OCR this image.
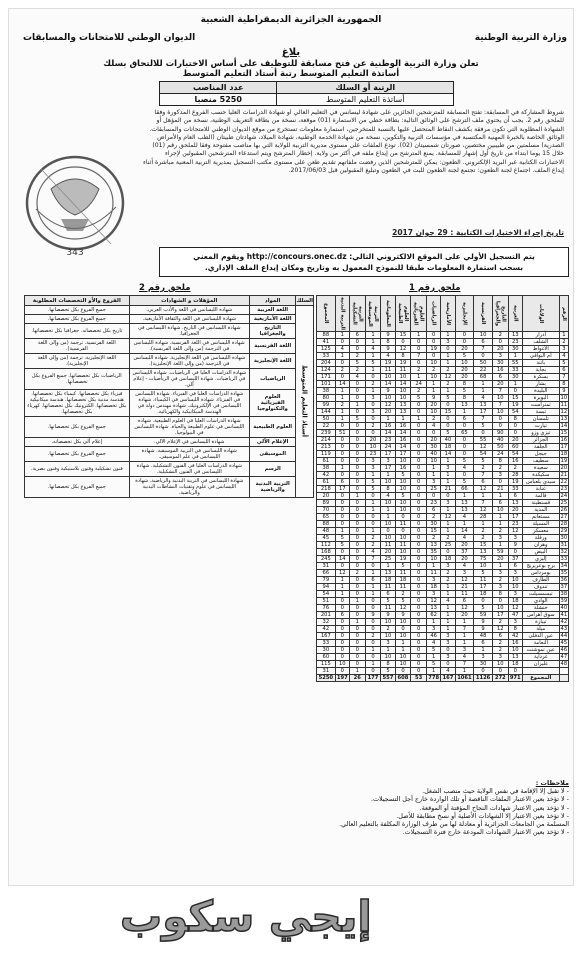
الجمهورية الجزائرية الديمقراطية الشعبية
وزارة التربية الوطنية
الديوان الوطني للامتحانات والمسابقات
بلاغ
تعلن وزارة التربية الوطنية عن فتح مسابقة للتوظيف على أساس الاختبارات للالتحاق بسلك
أساتذة التعليم المتوسط رتبة أستاذ التعليم المتوسط
الرتبة أو السلك	عدد المناصب
أساتذة التعليم المتوسط	5250 منصبا
شروط المشاركة في المسابقة: تفتح المسابقة للمترشحين الحائزين على شهادة ليسانس في التعليم العالي أو شهادة الدراسات العليا حسب الفروع المذكورة وفقا للملحق رقم 2. يجب أن يحتوي ملف الترشح على الوثائق التالية: بطاقة خطي من الاستمارة (01) موقعة، نسخة من بطاقة التعريف الوطنية، نسخة من المؤهل أو الشهادة المطلوبة التي تكون مرفقة بكشف النقاط المتحصل عليها بالنسبة للمتخرجين، استمارة معلومات تستخرج من موقع الديوان الوطني للامتحانات والمسابقات. الوثائق الخاصة بالخبرة المهنية المكتسبة في مؤسسات التربية والتكوين، نسخة من شهادة الخدمة الوطنية، شهادة الميلاد، شهادتان طبيتان (الطب العام والأمراض الصدرية) مسلمتين من طبيبين مختصين، صورتان شمسيتان (02). تودع الملفات على مستوى مديرية التربية للولاية التي بها مناصب مفتوحة وفقا للملحق رقم (01) خلال 15 يوما ابتداء من تاريخ أول إشهار للمسابقة. يمنع المترشح من إيداع ملفه في أكثر من ولاية. إخطار المترشح ويتم استدعاء المترشحين المقبولين لإجراء الاختبارات الكتابية عبر البريد الإلكتروني. الطعون: يمكن للمترشحين الذين رفضت ملفاتهم تقديم طعن على مستوى مكتب التسجيل بمديرية التربية المعنية مباشرة أثناء إيداع الملف. اجتماع لجنة الطعون: تجتمع لجنة الطعون للبت في الطعون وتبليغ المقبولين قبل 2017/06/03.
تاريخ إجراء الاختبارات الكتابية : 29 جوان 2017
343	يتم التسجيل الأولي على الموقع الالكتروني التالي: http://concours.onec.dz ويقوم المعني
بسحب استمارة المعلومات طبقا للنموذج المعمول به وتاريخ ومكان إيداع الملف الإداري.
ملحق رقم 1
ملحق رقم 2
المجموع	التربية البدنية	التربية التشكيلية	التربية الموسيقية	المعلوماتية	العلوم الطبيعية	العلوم الفيزيائية	الرياضيات	الأمازيغية	الإنجليزية	الفرنسية	التاريخ والجغرافيا	العربية	الولايات	الرقم
88	1	6	1	9	15	1	0	1	0	10	2	13	أدرار	1
41	0	0	1	8	0	0	0	3	0	6	0	23	الشلف	2
125	4	0	4	9	12	0	19	0	20	7	20	30	الأغواط	3
33	1	2	1	4	8	7	0	1	5	0	3	1	أم البواقي	4
204	0	5	5	19	19	0	10	1	10	50	30	55	باتنة	5
124	2	2	1	11	11	2	2	2	20	22	16	33	بجاية	6
171	0	4	0	10	10	1	10	12	20	68	6	30	بسكرة	7
101	14	0	2	14	14	24	1	2	8	1	20	1	بشار	8
38	1	0	1	9	10	2	1	1	5	1	7	0	البليدة	9
80	1	0	3	10	10	5	9	5	8	4	10	15	البويرة	10
99	2	1	0	12	13	0	20	0	13	13	7	19	تمنراست	11
144	1	0	3	20	13	0	10	15	1	17	10	54	تبسة	12
50	1	5	0	1	1	1	2	0	6	7	0	8	تلمسان	13
22	0	0	2	16	16	0	4	0	0	5	0	0	تيارت	14
239	51	0	0	14	14	0	0	5	65	0	90	0	تيزي وزو	15
214	0	0	20	23	16	0	20	40	0	55	40	20	الجزائر	16
213	0	0	10	24	14	0	30	18	0	12	50	60	الجلفة	17
119	0	0	23	17	17	0	40	14	0	54	24	54	جيجل	18
61	0	0	3	3	10	0	10	1	5	5	8	16	سطيف	19
38	1	0	3	17	16	0	1	3	4	2	2	2	سعيدة	20
42	0	0	1	1	5	0	1	1	0	7	3	28	سكيكدة	21
61	6	0	5	10	10	0	3	1	5	6	0	19	سيدي بلعباس	22
218	17	0	5	8	10	0	25	21	66	12	21	33	عنابة	23
20	0	1	0	4	5	0	0	0	1	1	1	6	قالمة	24
89	0	0	1	10	10	0	23	3	13	7	6	13	قسنطينة	25
70	0	0	1	1	10	0	6	1	13	12	10	20	المدية	26
65	0	0	0	1	0	0	2	12	4	28	1	17	مستغانم	27
88	0	0	0	10	11	0	30	1	1	1	1	23	المسيلة	28
48	1	0	1	0	0	0	15	1	14	2	2	12	معسكر	29
45	5	0	2	10	10	0	2	2	4	2	3	3	ورقلة	30
112	5	0	2	11	11	0	13	25	20	15	1	9	وهران	31
168	0	0	4	20	10	0	35	0	37	13	59	0	البيض	32
245	14	0	7	25	19	0	10	18	20	75	20	37	إليزي	33
31	0	0	0	1	5	0	1	3	4	10	1	6	برج بوعريريج	34
66	12	2	1	13	11	0	11	2	3	5	3	3	بومرداس	35
79	1	0	6	18	18	0	3	2	12	11	2	10	الطارف	36
94	1	0	1	11	11	0	18	1	21	17	3	10	تندوف	37
54	1	0	1	6	2	0	3	1	11	18	8	3	تيسمسيلت	38
51	0	1	0	5	5	0	12	4	6	0	0	18	الوادي	39
76	0	0	0	11	12	0	13	1	12	5	10	12	خنشلة	40
201	6	0	9	9	9	0	62	1	20	59	17	47	سوق أهراس	41
32	0	1	0	10	10	0	1	1	1	9	2	3	تيبازة	42
42	0	0	0	2	0	0	3	1	7	9	12	8	ميلة	43
167	0	0	2	10	10	0	46	3	1	48	6	42	عين الدفلى	44
33	0	0	0	3	1	0	4	3	1	6	2	16	النعامة	45
30	0	0	1	1	1	0	5	0	3	1	2	10	عين تموشنت	46
60	0	0	0	10	10	0	1	3	4	3	3	13	غرداية	47
115	10	0	1	8	10	0	5	0	7	30	10	18	غليزان	48
31	0	1	0	5	0	0	1	4	1	0	0	0		
5250	197	26	177	557	608	53	778	167	1061	1126	272	971	المجموع	
السلك	المواد	المؤهلات و الشهادات	الفروع والأو التخصصات المطلوبة
أستاذ التعليم المتوسط	اللغة العربية	شهادة الليسانس في اللغة والأدب العربي.	جميع الفروع بكل تخصصاتها.
	اللغة الأمازيغية	شهادة الليسانس في اللغة والثقافة الأمازيغية.	جميع الفروع بكل تخصصاتها.
	التاريخ والجغرافيا	شهادة الليسانس في التاريخ. شهادة الليسانس في الجغرافيا.	تاريخ بكل تخصصاته. جغرافيا بكل تخصصاتها.
	اللغة الفرنسية	شهادة الليسانس في اللغة الفرنسية. شهادة الليسانس في الترجمة (من وإلى اللغة الفرنسية).	اللغة الفرنسية. ترجمة (من وإلى اللغة الفرنسية).
	اللغة الإنجليزية	شهادة الليسانس في اللغة الإنجليزية. شهادة الليسانس في الترجمة (من وإلى اللغة الإنجليزية).	اللغة الإنجليزية. ترجمة (من وإلى اللغة الإنجليزية).
	الرياضيات	شهادة الدراسات العليا في الرياضيات. شهادة الليسانس في الرياضيات. شهادة الليسانس في الرياضيات - إعلام آلي.	الرياضيات بكل تخصصاتها. جميع الفروع بكل تخصصاتها.
	العلوم الفيزيائية والتكنولوجيا	شهادة الدراسات العليا في الفيزياء. شهادة الليسانس في الفيزياء. شهادة الليسانس في الكيمياء. شهادة الليسانس في الإلكترونيك. شهادة مهندس دولة في الهندسة الميكانيكية والكهربائية.	فيزياء بكل تخصصاتها. كيمياء بكل تخصصاتها. هندسة مدنية بكل تخصصاتها. هندسة ميكانيكية بكل تخصصاتها. الكترونيك بكل تخصصاتها. كهرباء بكل تخصصاتها.
	العلوم الطبيعية	شهادة الدراسات العليا في العلوم الطبيعية. شهادة الليسانس في علوم الطبيعة والحياة. شهادة الليسانس في البيولوجيا.	جميع الفروع بكل تخصصاتها.
	الإعلام الآلي	شهادة الليسانس في الإعلام الآلي.	إعلام آلي بكل تخصصاته.
	الموسيقى	شهادة الليسانس في التربية الموسيقية. شهادة الليسانس في علم الموسيقى.	جميع الفروع بكل تخصصاتها.
	الرسم	شهادة الدراسات العليا في الفنون التشكيلية. شهادة الليسانس في الفنون التشكيلية.	فنون تشكيلية وفنون بلاستيكية وفنون بصرية.
	التربية البدنية والرياضية	شهادة الليسانس في التربية البدنية والرياضية. شهادة الليسانس في علوم وتقنيات النشاطات البدنية والرياضية.	جميع الفروع بكل تخصصاتها.
ملاحظات :
- لا تقبل إلا الإقامة في نفس الولاية حيث منصب الشغل.
- لا تؤخذ بعين الاعتبار الملفات الناقصة أو تلك الواردة خارج أجل التسجيلات.
- لا تؤخذ بعين الاعتبار شهادات النجاح المؤقتة أو الموقعة.
- لا تؤخذ بعين الاعتبار إلا الشهادات الأصلية أو نسخ مطابقة للأصل.
المسلمة من الجامعات الجزائرية أو معادلة لها من طرف الوزارة المكلفة بالتعليم العالي.
- لا تؤخذ بعين الاعتبار الشهادات المودعة خارج فترة التسجيلات.
إيجي سكوب
